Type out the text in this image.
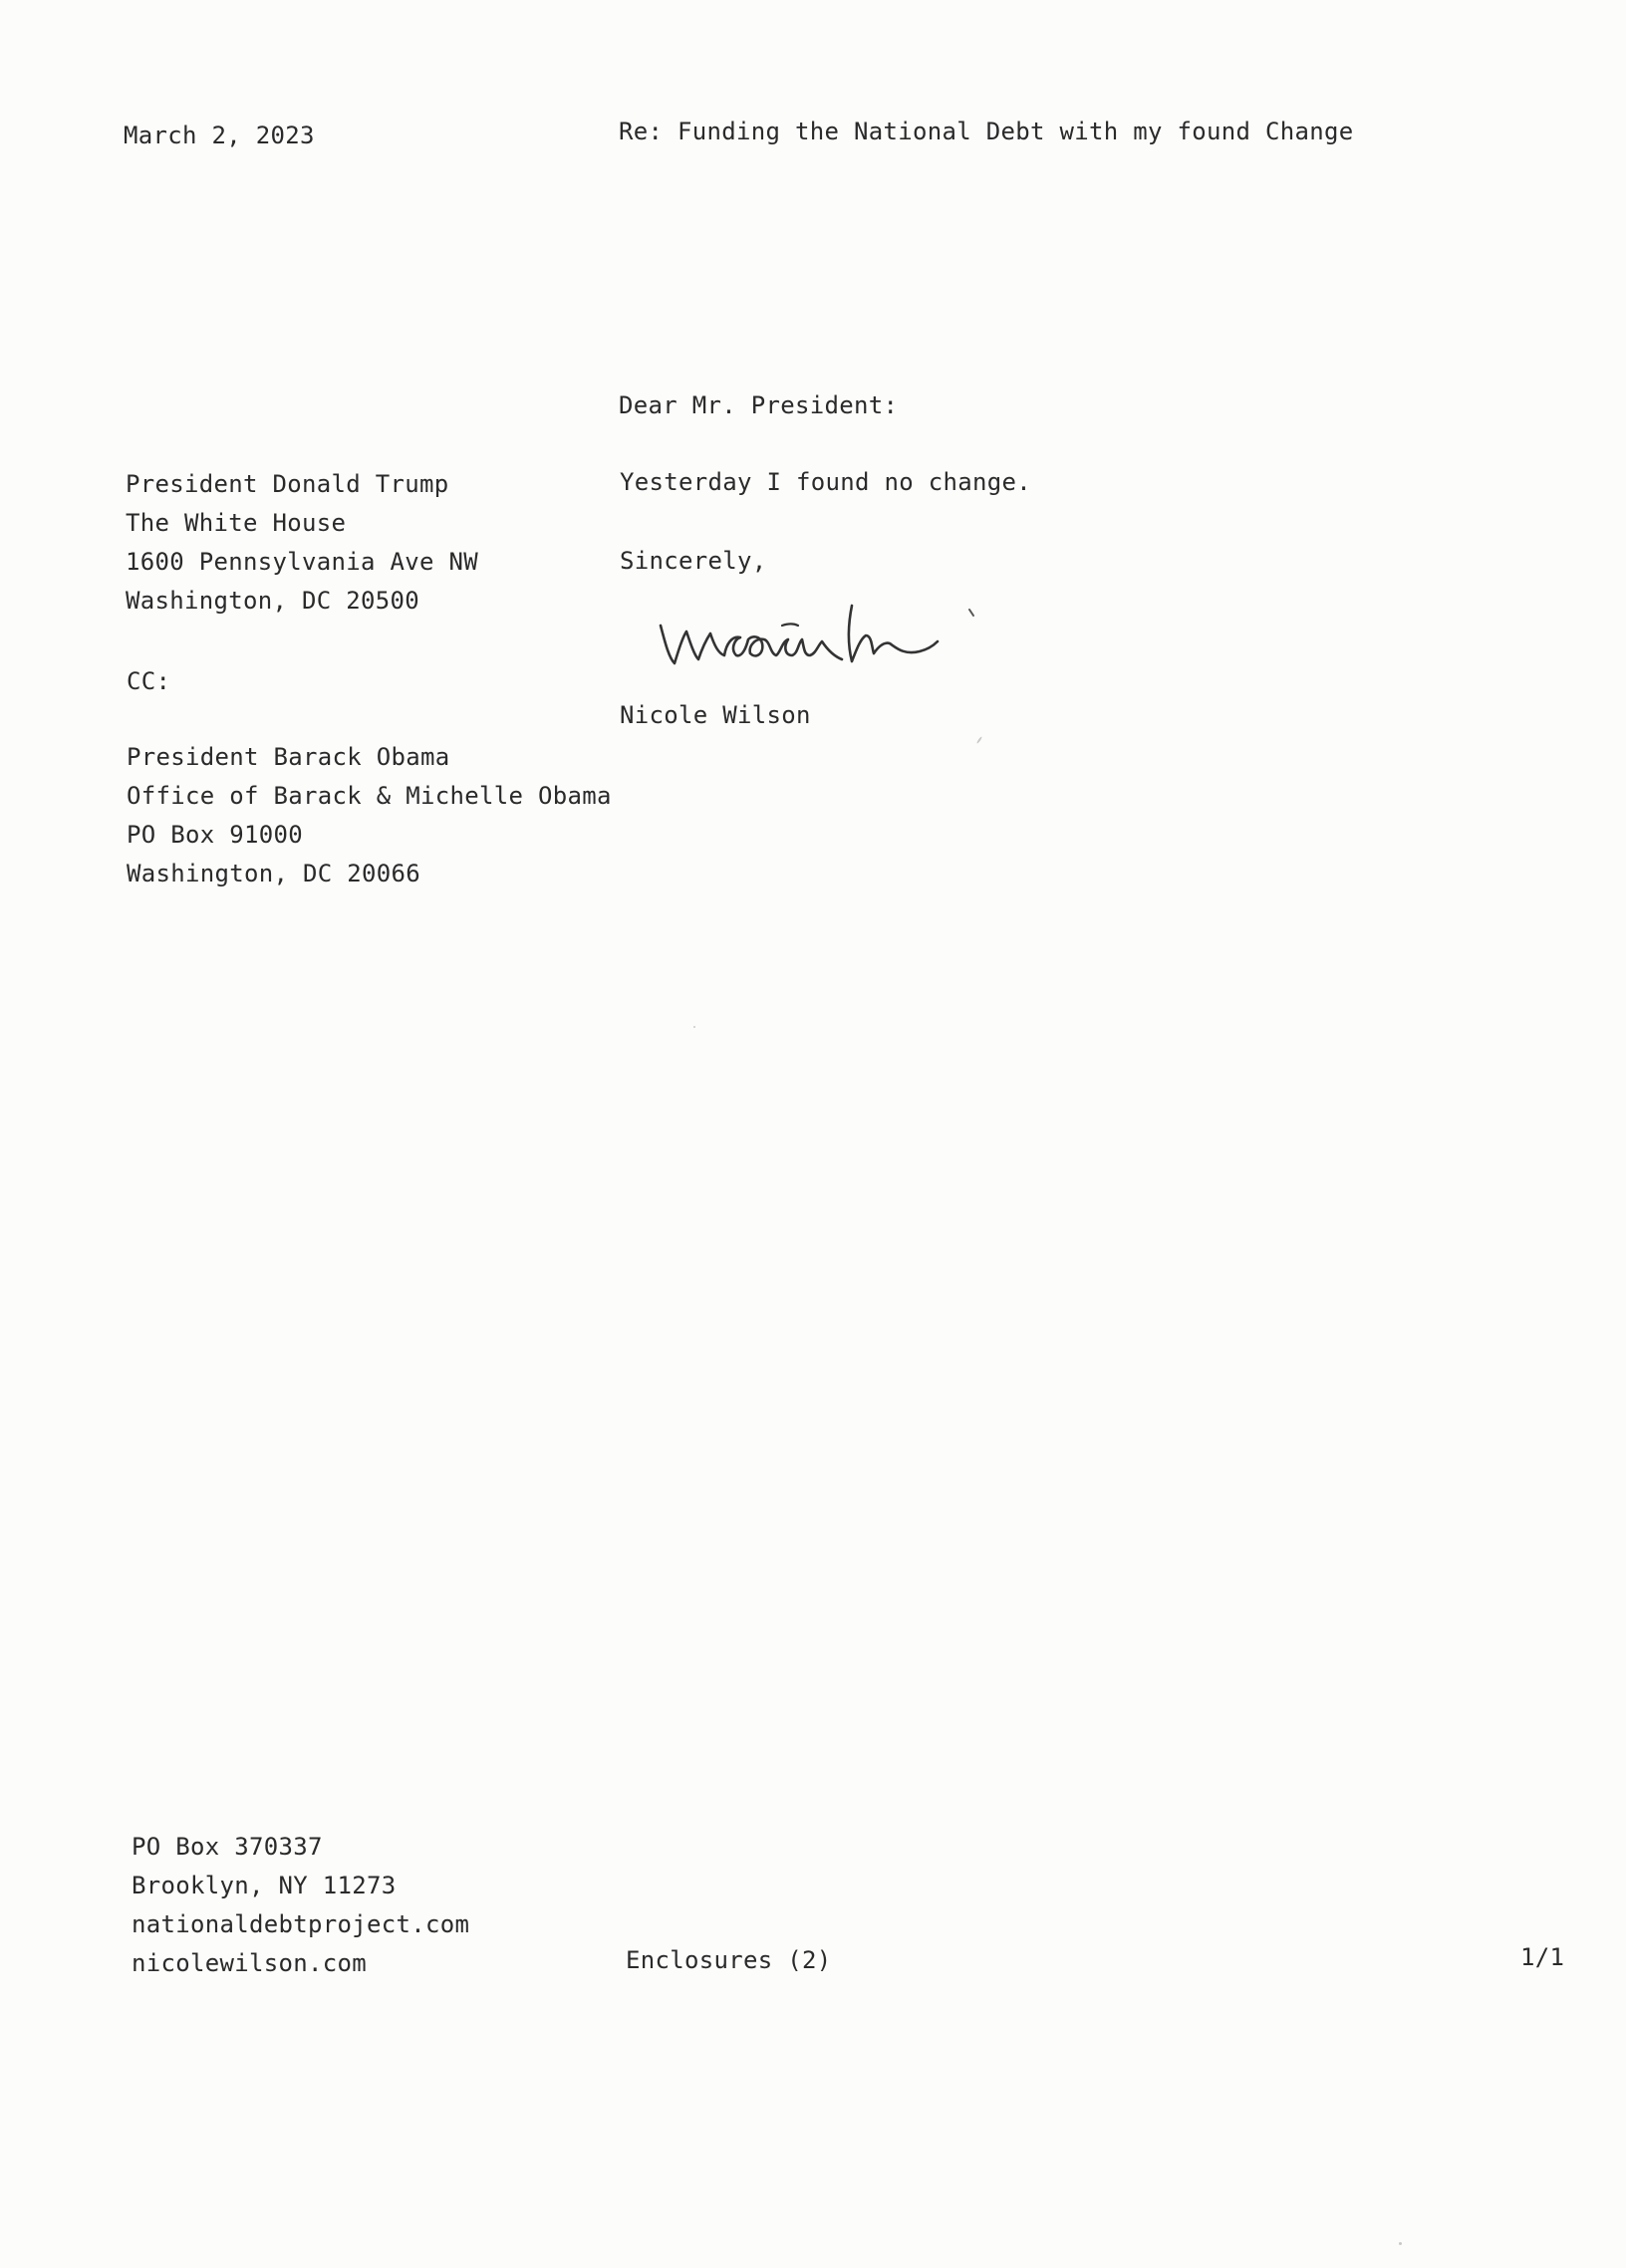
March 2, 2023	Re: Funding the National Debt with my found Change
Dear Mr. President:
President Donald Trump
The White House
1600 Pennsylvania Ave NW
Washington, DC 20500
Yesterday I found no change.
Sincerely,
CC:
Nicole Wilson
President Barack Obama
Office of Barack & Michelle Obama
PO Box 91000
Washington, DC 20066
PO Box 370337
Brooklyn, NY 11273
nationaldebtproject.com
nicolewilson.com	Enclosures (2)	1/1
